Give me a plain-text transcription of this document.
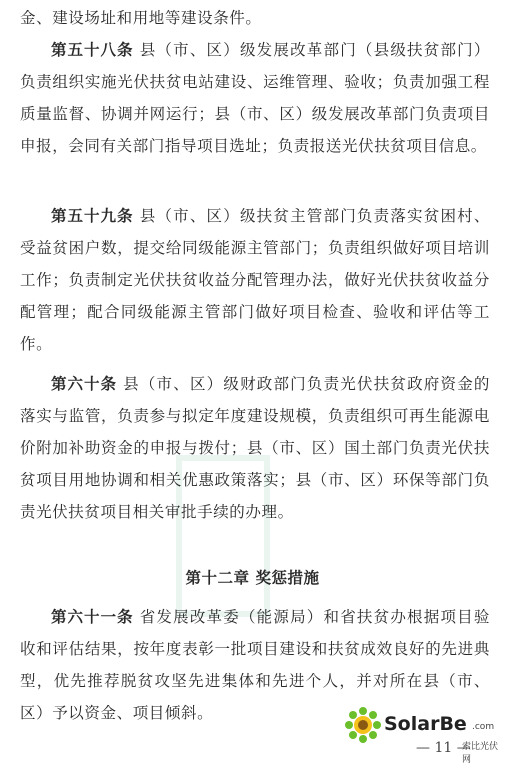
金、建设场址和用地等建设条件。

第五十八条 县（市、区）级发展改革部门（县级扶贫部门）负责组织实施光伏扶贫电站建设、运维管理、验收；负责加强工程质量监督、协调并网运行；县（市、区）级发展改革部门负责项目申报，会同有关部门指导项目选址；负责报送光伏扶贫项目信息。

第五十九条 县（市、区）级扶贫主管部门负责落实贫困村、受益贫困户数，提交给同级能源主管部门；负责组织做好项目培训工作；负责制定光伏扶贫收益分配管理办法，做好光伏扶贫收益分配管理；配合同级能源主管部门做好项目检查、验收和评估等工作。

第六十条 县（市、区）级财政部门负责光伏扶贫政府资金的落实与监管，负责参与拟定年度建设规模，负责组织可再生能源电价附加补助资金的申报与拨付；县（市、区）国土部门负责光伏扶贫项目用地协调和相关优惠政策落实；县（市、区）环保等部门负责光伏扶贫项目相关审批手续的办理。

第十二章 奖惩措施

第六十一条 省发展改革委（能源局）和省扶贫办根据项目验收和评估结果，按年度表彰一批项目建设和扶贫成效良好的先进典型，优先推荐脱贫攻坚先进集体和先进个人，并对所在县（市、区）予以资金、项目倾斜。	SolarBe .com
索比光伏网
— 11 —
